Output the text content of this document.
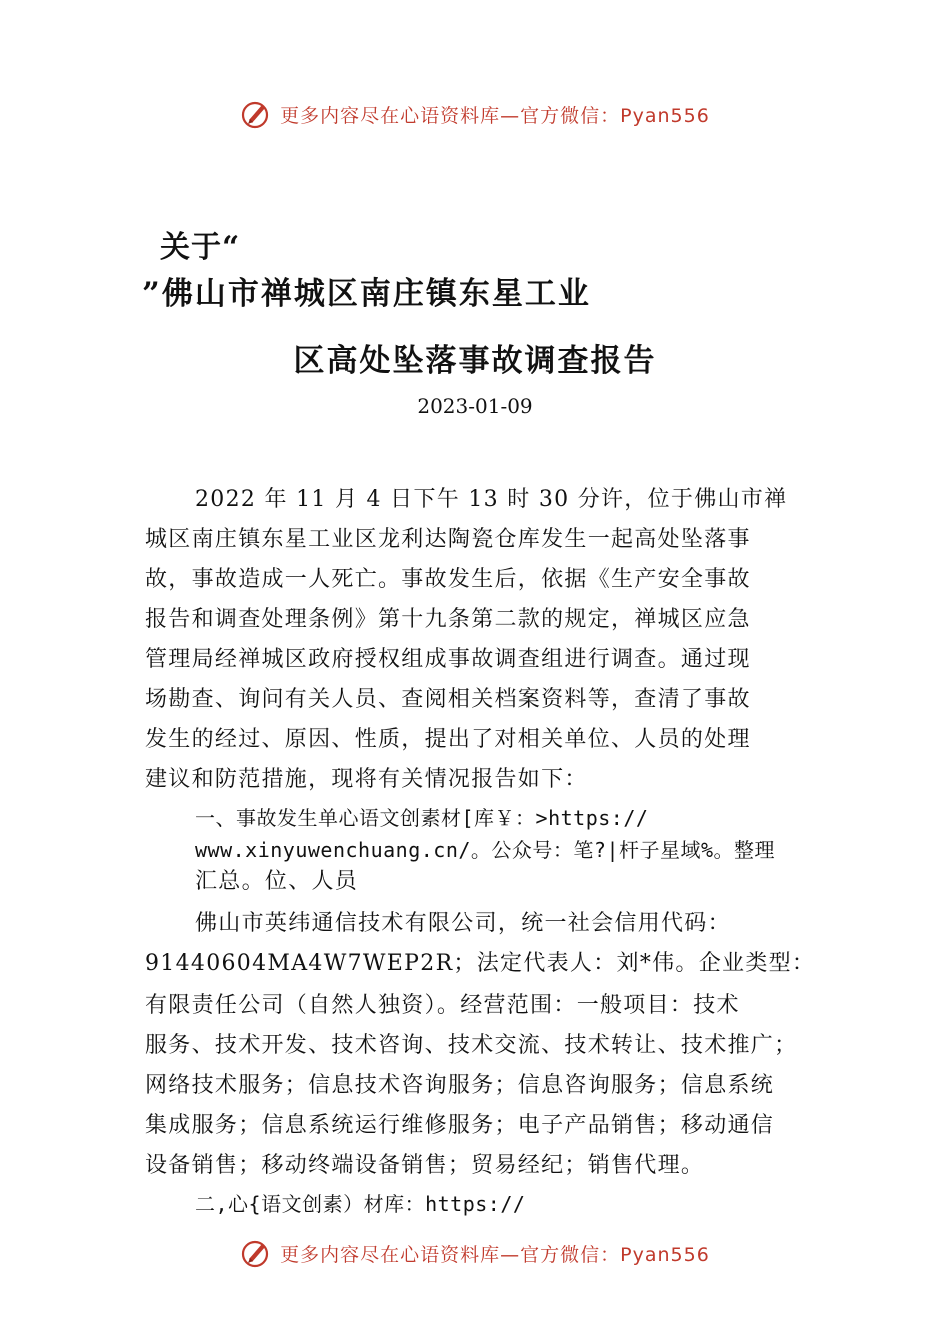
更多内容尽在心语资料库—官方微信：Pyan556
关于“
”佛山市禅城区南庄镇东星工业
区高处坠落事故调查报告
2023-01-09
2022 年 11 月 4 日下午 13 时 30 分许，位于佛山市禅
城区南庄镇东星工业区龙利达陶瓷仓库发生一起高处坠落事
故，事故造成一人死亡。事故发生后，依据《生产安全事故
报告和调查处理条例》第十九条第二款的规定，禅城区应急
管理局经禅城区政府授权组成事故调查组进行调查。通过现
场勘查、询问有关人员、查阅相关档案资料等，查清了事故
发生的经过、原因、性质，提出了对相关单位、人员的处理
建议和防范措施，现将有关情况报告如下：
一、事故发生单心语文创素材[库￥：>https://
www.xinyuwenchuang.cn/。公众号：笔?|杆子星域%。整理
汇总。位、人员
佛山市英纬通信技术有限公司，统一社会信用代码：
91440604MA4W7WEP2R；法定代表人：刘*伟。企业类型：
有限责任公司（自然人独资）。经营范围：一般项目：技术
服务、技术开发、技术咨询、技术交流、技术转让、技术推广；
网络技术服务；信息技术咨询服务；信息咨询服务；信息系统
集成服务；信息系统运行维修服务；电子产品销售；移动通信
设备销售；移动终端设备销售；贸易经纪；销售代理。
二,心{语文创素）材库：https://
更多内容尽在心语资料库—官方微信：Pyan556
